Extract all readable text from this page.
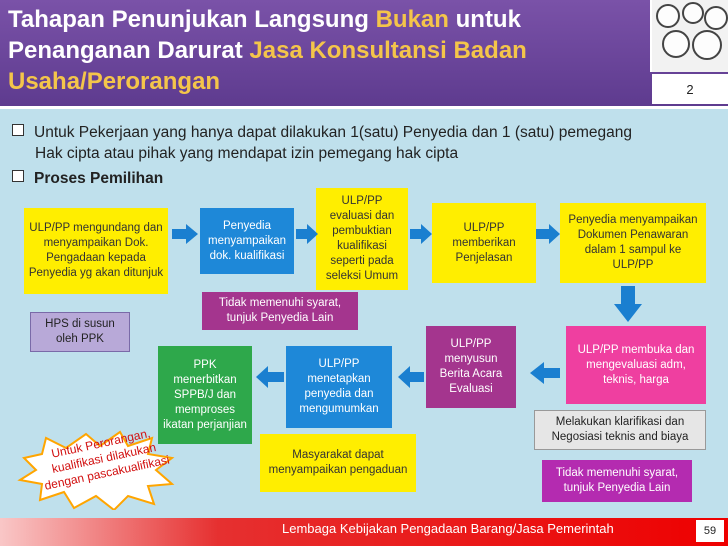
Tahapan Penunjukan Langsung Bukan untuk Penanganan Darurat Jasa Konsultansi Badan Usaha/Perorangan	2
Untuk Pekerjaan yang hanya dapat dilakukan 1(satu) Penyedia dan 1 (satu) pemegang
Hak cipta atau pihak yang mendapat izin pemegang hak cipta
Proses Pemilihan
ULP/PP mengundang dan menyampaikan Dok. Pengadaan kepada Penyedia yg akan ditunjuk
Penyedia menyampaikan dok. kualifikasi
ULP/PP evaluasi dan pembuktian kualifikasi seperti pada seleksi Umum
ULP/PP memberikan Penjelasan
Penyedia menyampaikan Dokumen Penawaran dalam 1 sampul ke ULP/PP
Tidak memenuhi syarat, tunjuk Penyedia Lain
HPS di susun oleh PPK	ULP/PP menyusun Berita Acara Evaluasi
ULP/PP membuka dan mengevaluasi adm, teknis, harga
PPK menerbitkan SPPB/J dan memproses ikatan perjanjian
ULP/PP menetapkan penyedia dan mengumumkan
Melakukan klarifikasi dan Negosiasi teknis and biaya
Masyarakat dapat menyampaikan pengaduan	Tidak memenuhi syarat, tunjuk Penyedia Lain
Untuk Perorangan, kualifikasi dilakukan dengan pascakualifikasi
Lembaga Kebijakan Pengadaan Barang/Jasa Pemerintah	59
